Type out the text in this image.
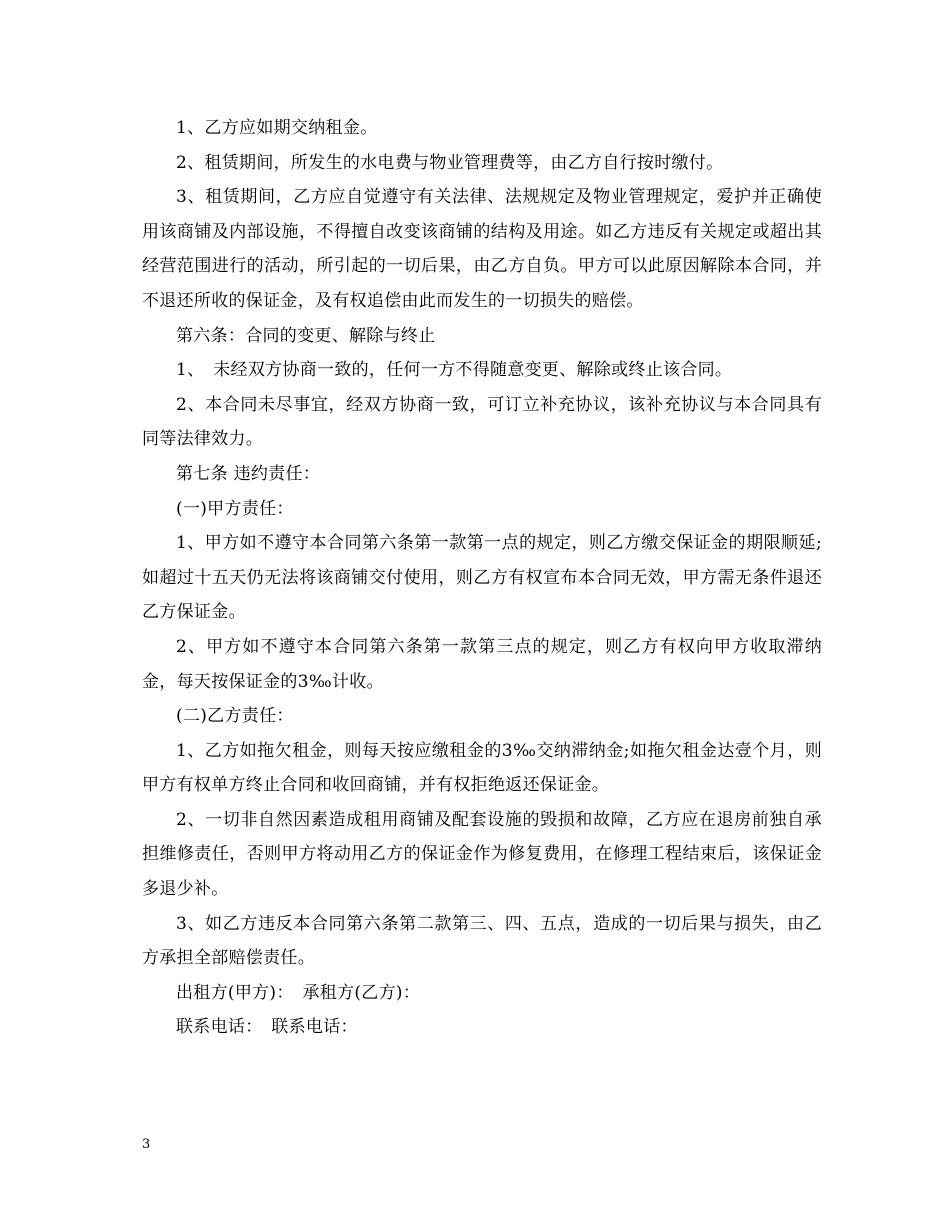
1、乙方应如期交纳租金。

2、租赁期间，所发生的水电费与物业管理费等，由乙方自行按时缴付。

3、租赁期间，乙方应自觉遵守有关法律、法规规定及物业管理规定，爱护并正确使用该商铺及内部设施，不得擅自改变该商铺的结构及用途。如乙方违反有关规定或超出其经营范围进行的活动，所引起的一切后果，由乙方自负。甲方可以此原因解除本合同，并不退还所收的保证金，及有权追偿由此而发生的一切损失的赔偿。

第六条：合同的变更、解除与终止

1、　未经双方协商一致的，任何一方不得随意变更、解除或终止该合同。

2、本合同未尽事宜，经双方协商一致，可订立补充协议，该补充协议与本合同具有同等法律效力。

第七条 违约责任：

(一)甲方责任：

1、甲方如不遵守本合同第六条第一款第一点的规定，则乙方缴交保证金的期限顺延;如超过十五天仍无法将该商铺交付使用，则乙方有权宣布本合同无效，甲方需无条件退还乙方保证金。

2、甲方如不遵守本合同第六条第一款第三点的规定，则乙方有权向甲方收取滞纳金，每天按保证金的3‰计收。

(二)乙方责任：

1、乙方如拖欠租金，则每天按应缴租金的3‰交纳滞纳金;如拖欠租金达壹个月，则甲方有权单方终止合同和收回商铺，并有权拒绝返还保证金。

2、一切非自然因素造成租用商铺及配套设施的毁损和故障，乙方应在退房前独自承担维修责任，否则甲方将动用乙方的保证金作为修复费用，在修理工程结束后，该保证金多退少补。

3、如乙方违反本合同第六条第二款第三、四、五点，造成的一切后果与损失，由乙方承担全部赔偿责任。

出租方(甲方)：　承租方(乙方)：

联系电话：　联系电话：

3
